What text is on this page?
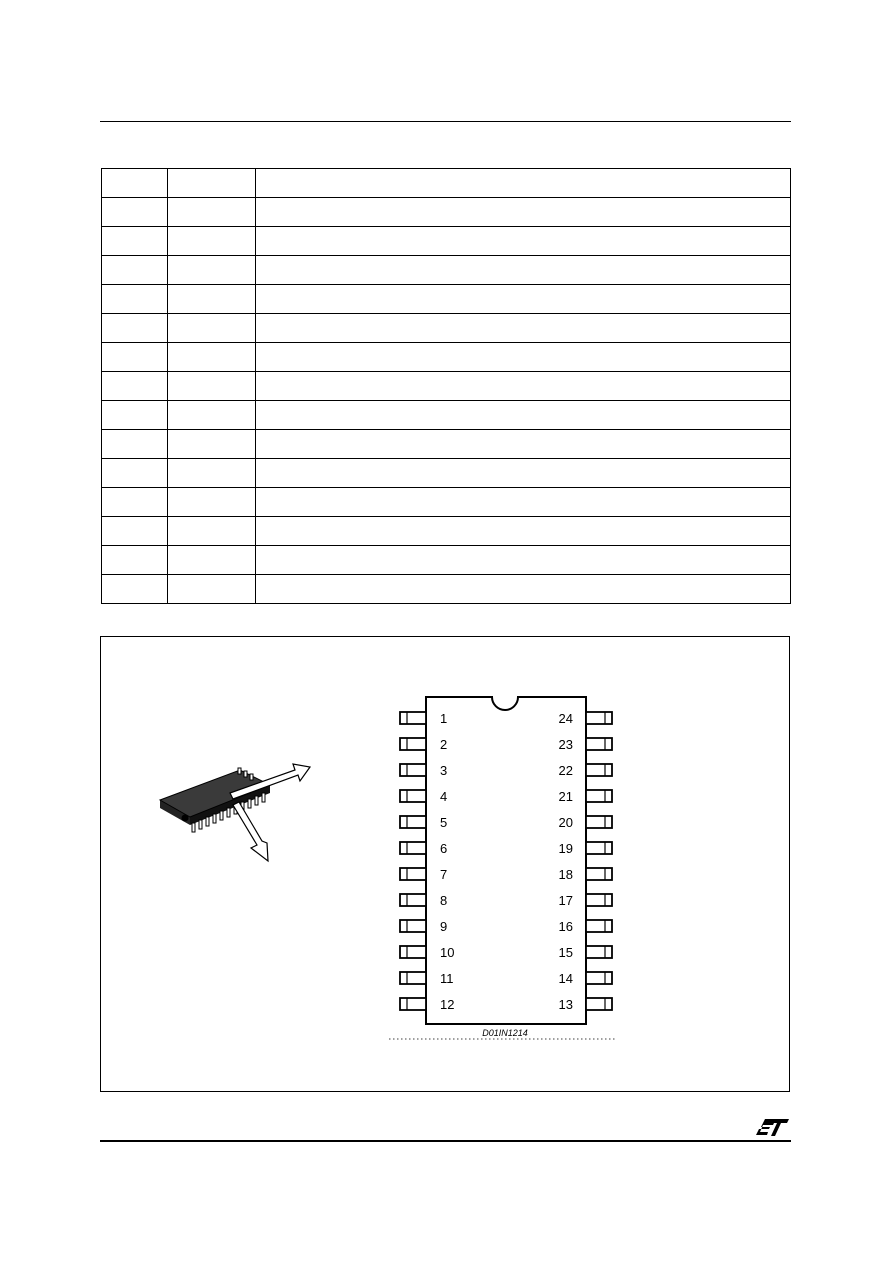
1
2
3
4
5
6
7
8
9
10
11
12
24
23
22
21
20
19
18
17
16
15
14
13
D01IN1214
